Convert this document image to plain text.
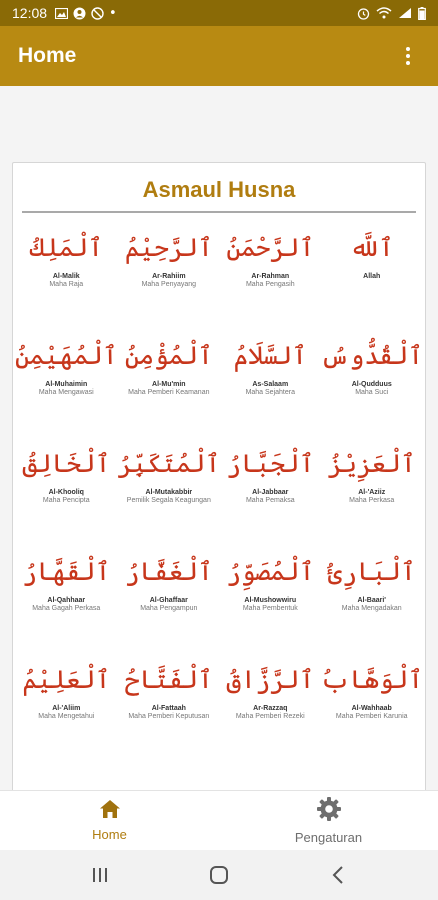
12:08	•
Home
Asmaul Husna
ٱللَّه
Allah
ٱلرَّحْمَنُ
Ar-Rahman
Maha Pengasih
ٱلرَّحِيْمُ
Ar-Rahiim
Maha Penyayang
ٱلْمَلِكُ
Al-Malik
Maha Raja
ٱلْقُدُّوسُ
Al-Qudduus
Maha Suci
ٱلسَّلَامُ
As-Salaam
Maha Sejahtera
ٱلْمُؤْمِنُ
Al-Mu'min
Maha Pemberi Keamanan
ٱلْمُهَيْمِنُ
Al-Muhaimin
Maha Mengawasi
ٱلْعَزِيْزُ
Al-'Aziiz
Maha Perkasa
ٱلْجَبَّارُ
Al-Jabbaar
Maha Pemaksa
ٱلْمُتَكَبِّرُ
Al-Mutakabbir
Pemilik Segala Keagungan
ٱلْخَالِقُ
Al-Khooliq
Maha Pencipta
ٱلْبَارِئُ
Al-Baari'
Maha Mengadakan
ٱلْمُصَوِّرُ
Al-Mushowwiru
Maha Pembentuk
ٱلْغَفَّارُ
Al-Ghaffaar
Maha Pengampun
ٱلْقَهَّارُ
Al-Qahhaar
Maha Gagah Perkasa
ٱلْوَهَّابُ
Al-Wahhaab
Maha Pemberi Karunia
ٱلرَّزَّاقُ
Ar-Razzaq
Maha Pemberi Rezeki
ٱلْفَتَّاحُ
Al-Fattaah
Maha Pemberi Keputusan
ٱلْعَلِيْمُ
Al-'Aliim
Maha Mengetahui
Home	Pengaturan
